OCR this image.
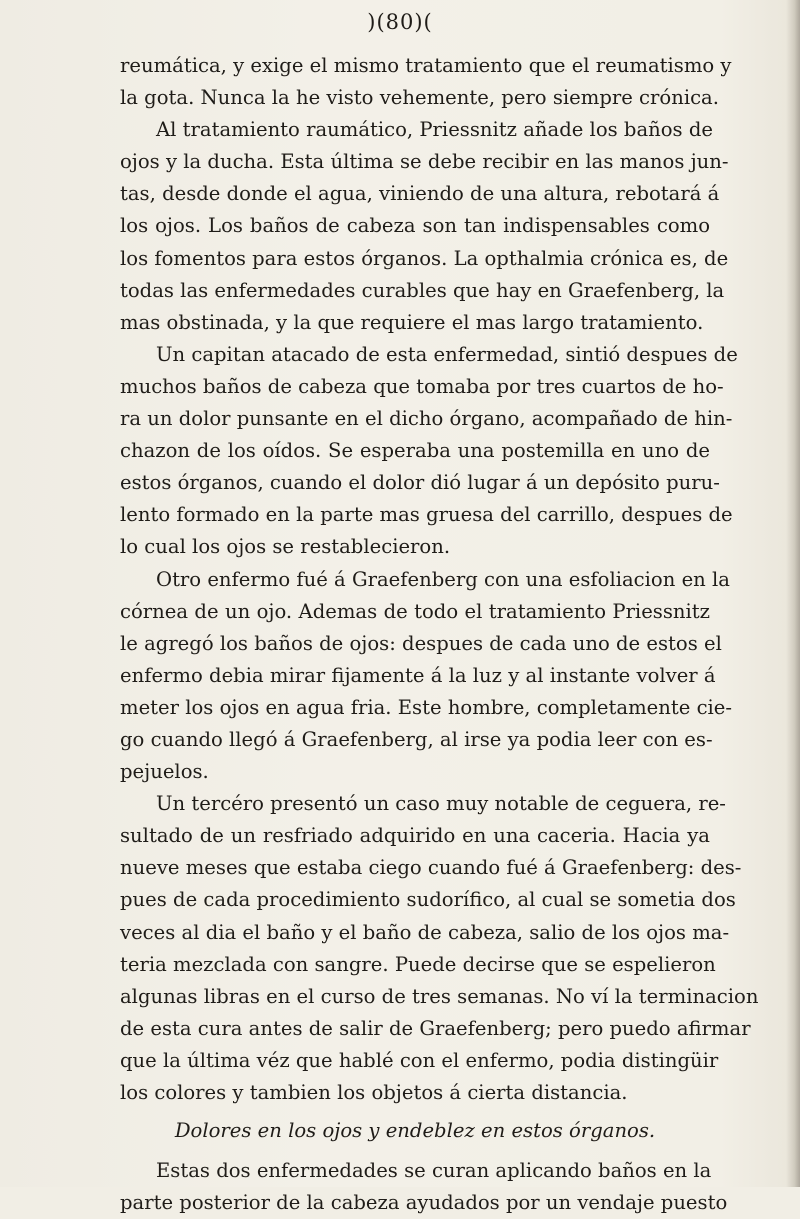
)(80)(
reumática, y exige el mismo tratamiento que el reumatismo y
la gota. Nunca la he visto vehemente, pero siempre crónica.
Al tratamiento raumático, Priessnitz añade los baños de
ojos y la ducha. Esta última se debe recibir en las manos jun-
tas, desde donde el agua, viniendo de una altura, rebotará á
los ojos. Los baños de cabeza son tan indispensables como
los fomentos para estos órganos. La opthalmia crónica es, de
todas las enfermedades curables que hay en Graefenberg, la
mas obstinada, y la que requiere el mas largo tratamiento.
Un capitan atacado de esta enfermedad, sintió despues de
muchos baños de cabeza que tomaba por tres cuartos de ho-
ra un dolor punsante en el dicho órgano, acompañado de hin-
chazon de los oídos. Se esperaba una postemilla en uno de
estos órganos, cuando el dolor dió lugar á un depósito puru-
lento formado en la parte mas gruesa del carrillo, despues de
lo cual los ojos se restablecieron.
Otro enfermo fué á Graefenberg con una esfoliacion en la
córnea de un ojo. Ademas de todo el tratamiento Priessnitz
le agregó los baños de ojos: despues de cada uno de estos el
enfermo debia mirar fijamente á la luz y al instante volver á
meter los ojos en agua fria. Este hombre, completamente cie-
go cuando llegó á Graefenberg, al irse ya podia leer con es-
pejuelos.
Un tercéro presentó un caso muy notable de ceguera, re-
sultado de un resfriado adquirido en una caceria. Hacia ya
nueve meses que estaba ciego cuando fué á Graefenberg: des-
pues de cada procedimiento sudorífico, al cual se sometia dos
veces al dia el baño y el baño de cabeza, salio de los ojos ma-
teria mezclada con sangre. Puede decirse que se espelieron
algunas libras en el curso de tres semanas. No ví la terminacion
de esta cura antes de salir de Graefenberg; pero puedo afirmar
que la última véz que hablé con el enfermo, podia distingüir
los colores y tambien los objetos á cierta distancia.
Dolores en los ojos y endeblez en estos órganos.
Estas dos enfermedades se curan aplicando baños en la
parte posterior de la cabeza ayudados por un vendaje puesto
